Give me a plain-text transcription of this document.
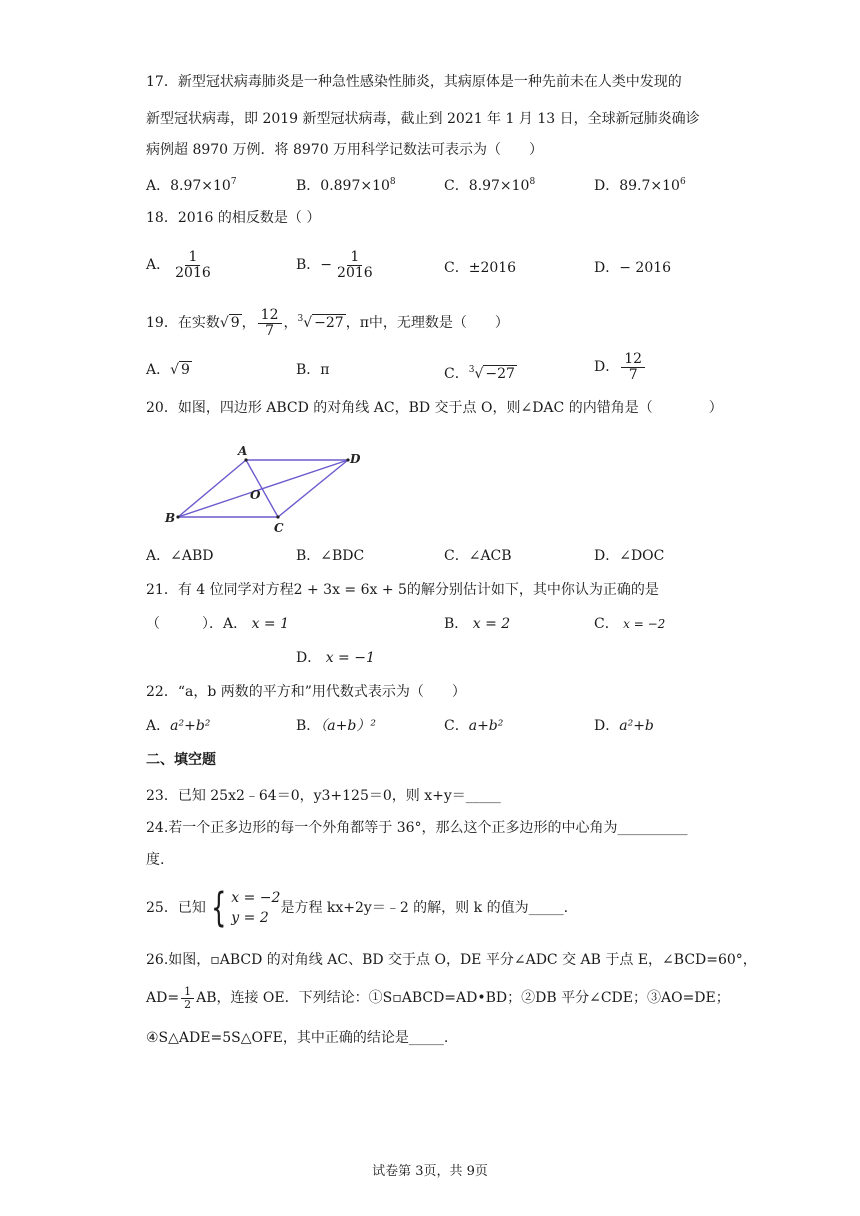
17．新型冠状病毒肺炎是一种急性感染性肺炎，其病原体是一种先前未在人类中发现的
新型冠状病毒，即 2019 新型冠状病毒，截止到 2021 年 1 月 13 日，全球新冠肺炎确诊
病例超 8970 万例．将 8970 万用科学记数法可表示为（　　）
A．$8.97\times 10^7$	B．$0.897\times 10^8$	C．$8.97\times 10^8$	D．$89.7\times 10^6$
18．2016 的相反数是（ ）
A． $\frac{1}{2016}$	B．− $\frac{1}{2016}$	C．±2016	D．− 2016
19．在实数√ 9 ， $\frac{12}{7}$ ，$^3$√ −27 ，π中，无理数是（　　）
A．√ 9	B．π	C．$^3$√ −27	D． $\frac{12}{7}$
20．如图，四边形 ABCD 的对角线 AC，BD 交于点 O，则∠DAC 的内错角是（　　　　）
A
D
B
C
O
A．∠ABD	B．∠BDC	C．∠ACB	D．∠DOC
21．有 4 位同学对方程2 + 3x = 6x + 5的解分别估计如下，其中你认为正确的是
（　　　）．A． x = 1	B． x = 2	C． x = −2
D． x = −1
22．“a，b 两数的平方和”用代数式表示为（　　）
A．a²+b²	B．（a+b）²	C．a+b²	D．a²+b
二、填空题
23．已知 25x2﹣64＝0，y3+125＝0，则 x+y＝_____
24.若一个正多边形的每一个外角都等于 36°，那么这个正多边形的中心角为__________
度.
25．已知 { x = −2
y = 2
是方程 kx+2y＝﹣2 的解，则 k 的值为_____.
26.如图，▫ABCD 的对角线 AC、BD 交于点 O，DE 平分∠ADC 交 AB 于点 E，∠BCD=60°，
$AD= \frac{1}{2}$ AB，连接 OE．下列结论：①S▫ABCD=AD•BD；②DB 平分∠CDE；③AO=DE；
④S△ADE=5S△OFE，其中正确的结论是_____.
试卷第 3页，共 9页
